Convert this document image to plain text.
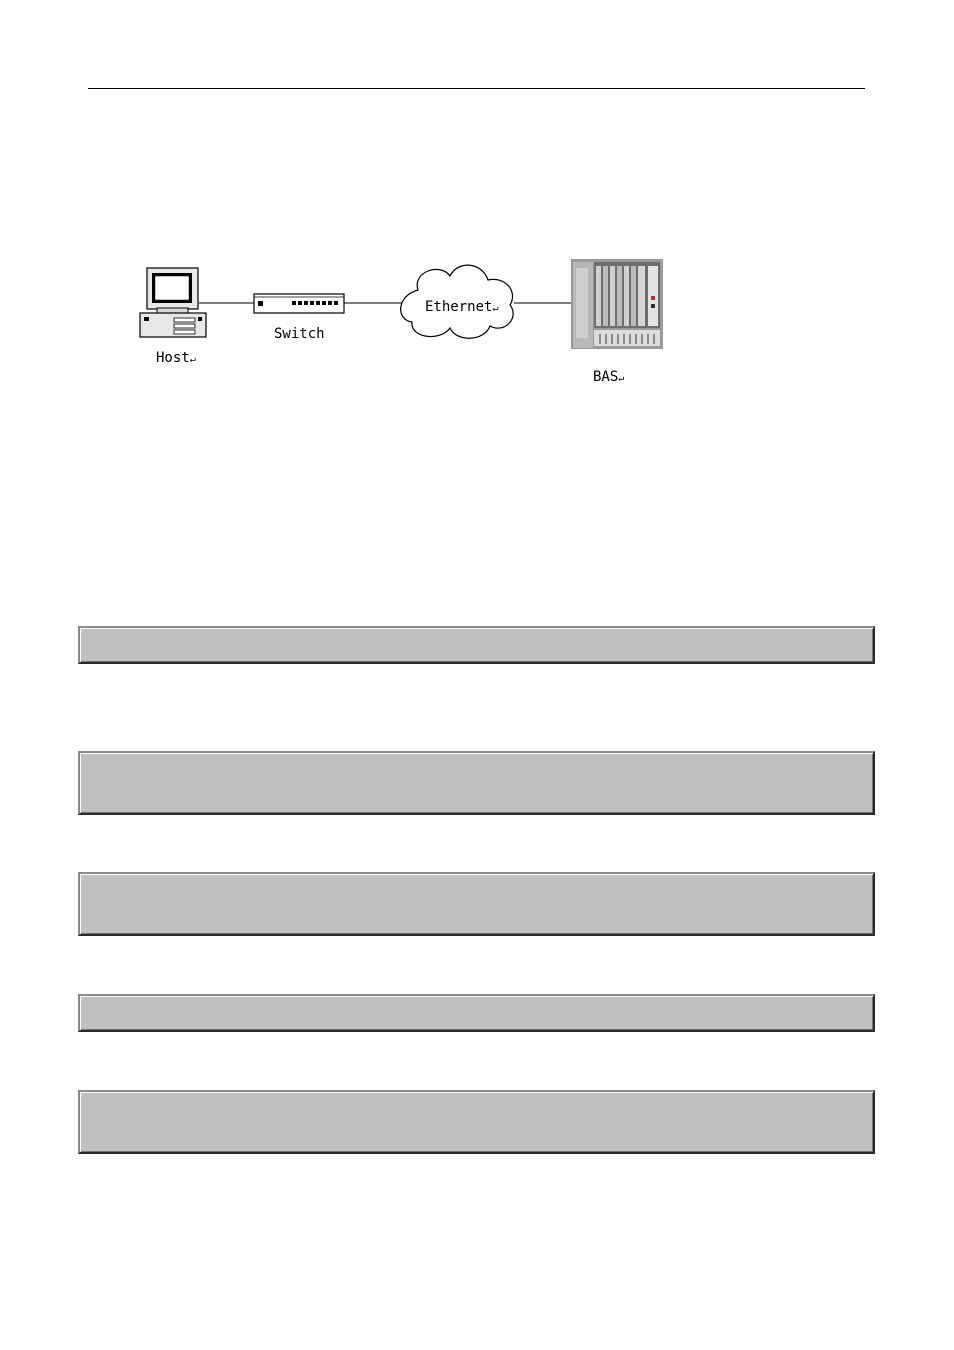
Host↵
Switch
Ethernet↵
BAS↵
